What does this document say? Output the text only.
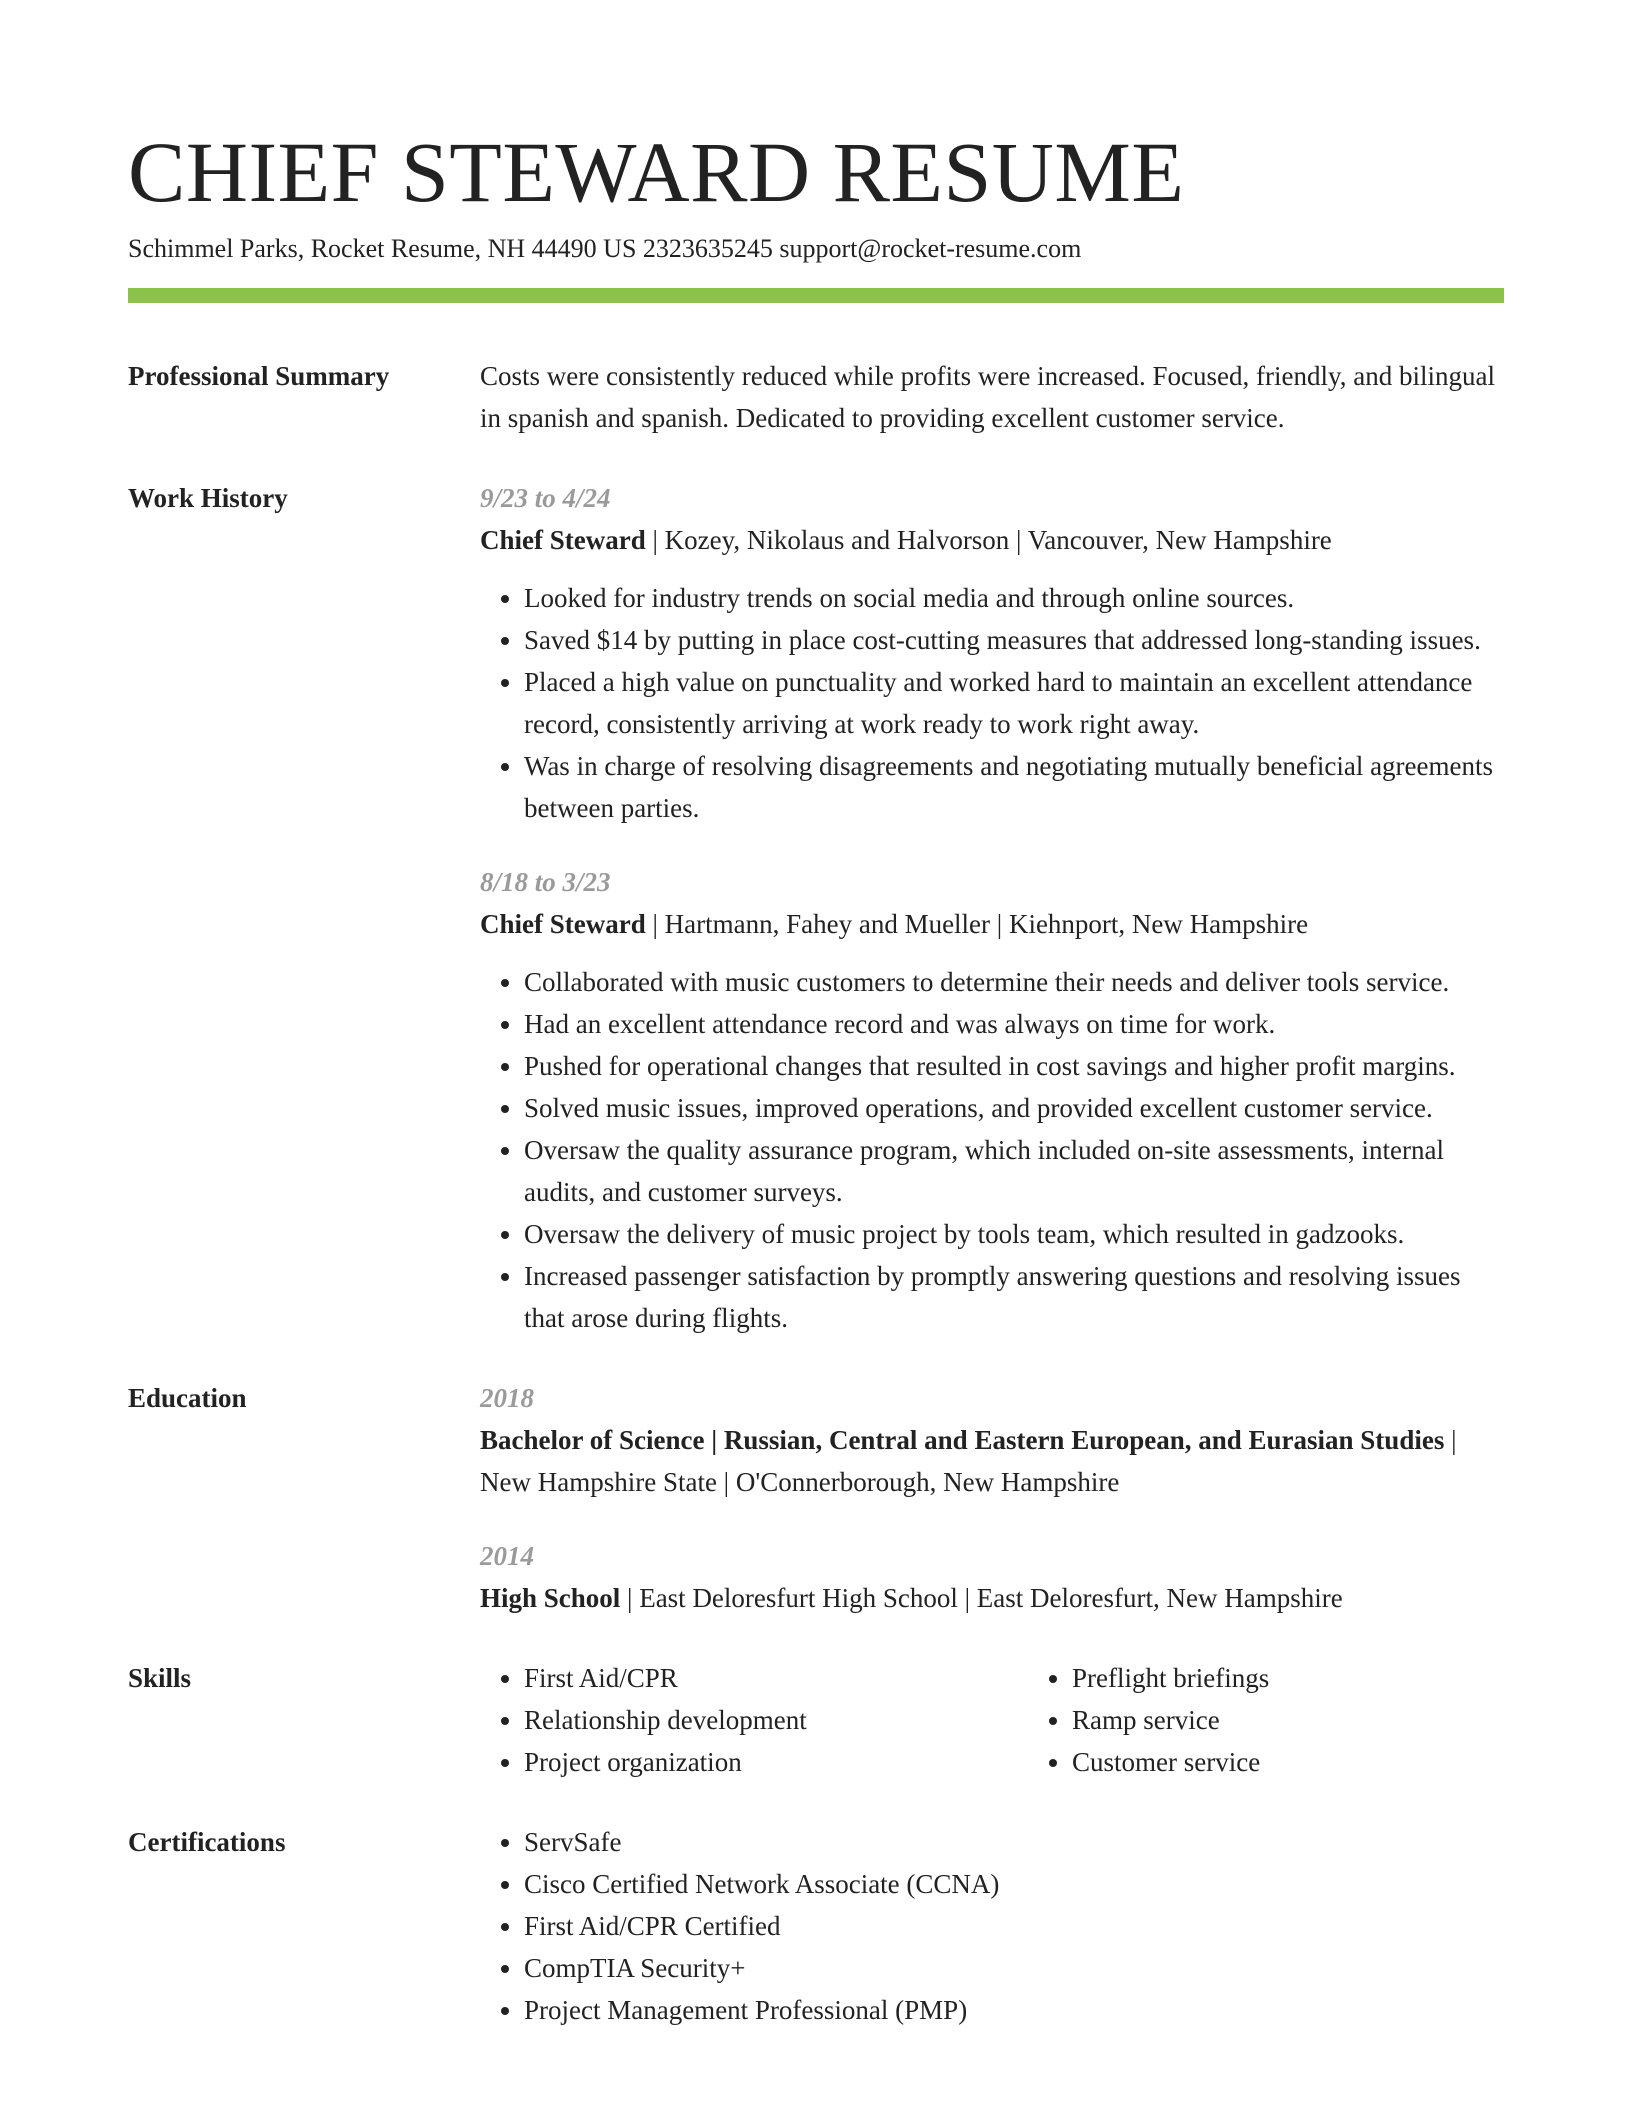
CHIEF STEWARD RESUME
Schimmel Parks, Rocket Resume, NH 44490 US 2323635245 support@rocket-resume.com
Professional Summary	Costs were consistently reduced while profits were increased. Focused, friendly, and bilingual in spanish and spanish. Dedicated to providing excellent customer service.
Work History	9/23 to 4/24
Chief Steward | Kozey, Nikolaus and Halvorson | Vancouver, New Hampshire
• Looked for industry trends on social media and through online sources.
• Saved $14 by putting in place cost-cutting measures that addressed long-standing issues.
• Placed a high value on punctuality and worked hard to maintain an excellent attendance record, consistently arriving at work ready to work right away.
• Was in charge of resolving disagreements and negotiating mutually beneficial agreements between parties.
8/18 to 3/23
Chief Steward | Hartmann, Fahey and Mueller | Kiehnport, New Hampshire
• Collaborated with music customers to determine their needs and deliver tools service.
• Had an excellent attendance record and was always on time for work.
• Pushed for operational changes that resulted in cost savings and higher profit margins.
• Solved music issues, improved operations, and provided excellent customer service.
• Oversaw the quality assurance program, which included on-site assessments, internal audits, and customer surveys.
• Oversaw the delivery of music project by tools team, which resulted in gadzooks.
• Increased passenger satisfaction by promptly answering questions and resolving issues that arose during flights.
Education	2018
Bachelor of Science | Russian, Central and Eastern European, and Eurasian Studies | New Hampshire State | O'Connerborough, New Hampshire
2014
High School | East Deloresfurt High School | East Deloresfurt, New Hampshire
Skills	• First Aid/CPR
• Relationship development
• Project organization
• Preflight briefings
• Ramp service
• Customer service
Certifications	• ServSafe
• Cisco Certified Network Associate (CCNA)
• First Aid/CPR Certified
• CompTIA Security+
• Project Management Professional (PMP)
